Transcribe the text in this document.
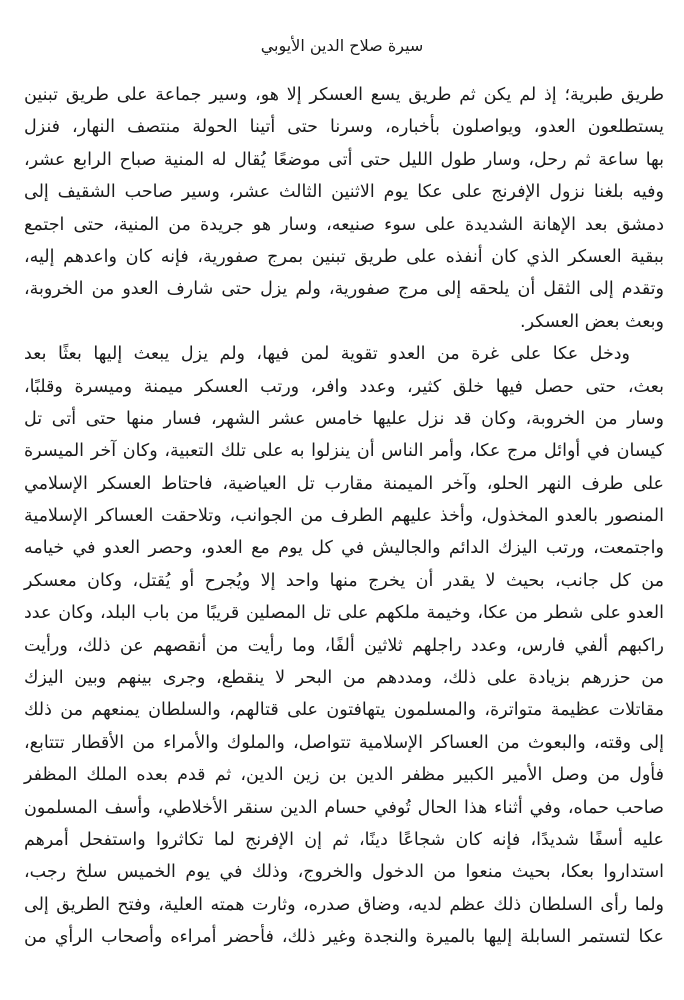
سيرة صلاح الدين الأيوبي
طريق طبرية؛ إذ لم يكن ثم طريق يسع العسكر إلا هو، وسير جماعة على طريق تبنين
يستطلعون العدو، ويواصلون بأخباره، وسرنا حتى أتينا الحولة منتصف النهار، فنزل
بها ساعة ثم رحل، وسار طول الليل حتى أتى موضعًا يُقال له المنية صباح الرابع عشر،
وفيه بلغنا نزول الإفرنج على عكا يوم الاثنين الثالث عشر، وسير صاحب الشقيف إلى
دمشق بعد الإهانة الشديدة على سوء صنيعه، وسار هو جريدة من المنية، حتى اجتمع
ببقية العسكر الذي كان أنفذه على طريق تبنين بمرج صفورية، فإنه كان واعدهم إليه،
وتقدم إلى الثقل أن يلحقه إلى مرج صفورية، ولم يزل حتى شارف العدو من الخروبة،
وبعث بعض العسكر.
ودخل عكا على غرة من العدو تقوية لمن فيها، ولم يزل يبعث إليها بعثًا بعد
بعث، حتى حصل فيها خلق كثير، وعدد وافر، ورتب العسكر ميمنة وميسرة وقلبًا،
وسار من الخروبة، وكان قد نزل عليها خامس عشر الشهر، فسار منها حتى أتى تل
كيسان في أوائل مرج عكا، وأمر الناس أن ينزلوا به على تلك التعبية، وكان آخر الميسرة
على طرف النهر الحلو، وآخر الميمنة مقارب تل العياضية، فاحتاط العسكر الإسلامي
المنصور بالعدو المخذول، وأخذ عليهم الطرف من الجوانب، وتلاحقت العساكر الإسلامية
واجتمعت، ورتب اليزك الدائم والجاليش في كل يوم مع العدو، وحصر العدو في خيامه
من كل جانب، بحيث لا يقدر أن يخرج منها واحد إلا ويُجرح أو يُقتل، وكان معسكر
العدو على شطر من عكا، وخيمة ملكهم على تل المصلين قريبًا من باب البلد، وكان عدد
راكبهم ألفي فارس، وعدد راجلهم ثلاثين ألفًا، وما رأيت من أنقصهم عن ذلك، ورأيت
من حزرهم بزيادة على ذلك، ومددهم من البحر لا ينقطع، وجرى بينهم وبين اليزك
مقاتلات عظيمة متواترة، والمسلمون يتهافتون على قتالهم، والسلطان يمنعهم من ذلك
إلى وقته، والبعوث من العساكر الإسلامية تتواصل، والملوك والأمراء من الأقطار تتتابع،
فأول من وصل الأمير الكبير مظفر الدين بن زين الدين، ثم قدم بعده الملك المظفر
صاحب حماه، وفي أثناء هذا الحال تُوفي حسام الدين سنقر الأخلاطي، وأسف المسلمون
عليه أسفًا شديدًا، فإنه كان شجاعًا دينًا، ثم إن الإفرنج لما تكاثروا واستفحل أمرهم
استداروا بعكا، بحيث منعوا من الدخول والخروج، وذلك في يوم الخميس سلخ رجب،
ولما رأى السلطان ذلك عظم لديه، وضاق صدره، وثارت همته العلية، وفتح الطريق إلى
عكا لتستمر السابلة إليها بالميرة والنجدة وغير ذلك، فأحضر أمراءه وأصحاب الرأي من
